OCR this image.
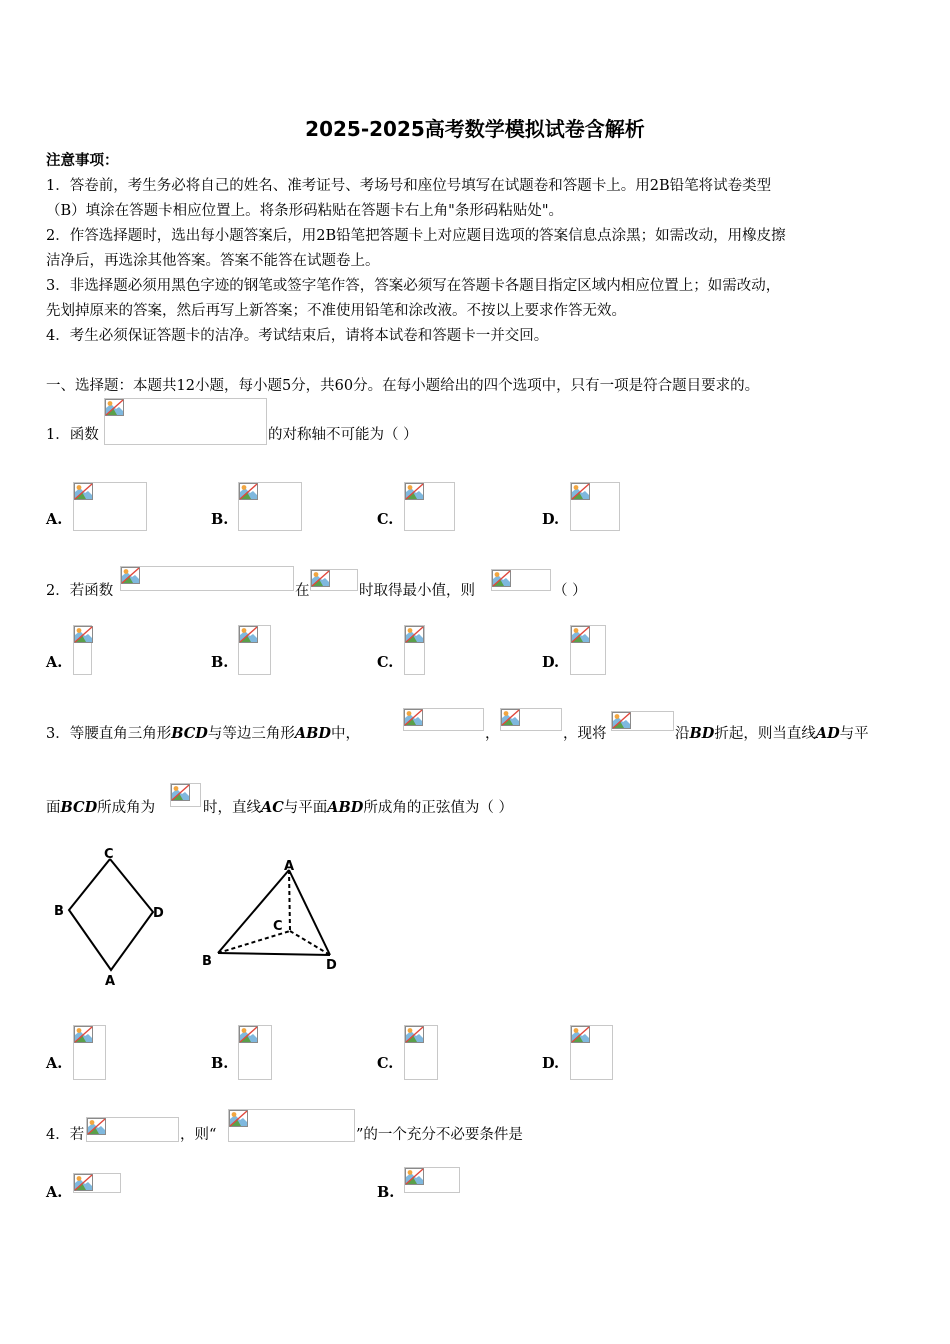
2025-2025高考数学模拟试卷含解析
注意事项：
1．答卷前，考生务必将自己的姓名、准考证号、考场号和座位号填写在试题卷和答题卡上。用2B铅笔将试卷类型
（B）填涂在答题卡相应位置上。将条形码粘贴在答题卡右上角"条形码粘贴处"。
2．作答选择题时，选出每小题答案后，用2B铅笔把答题卡上对应题目选项的答案信息点涂黑；如需改动，用橡皮擦
洁净后，再选涂其他答案。答案不能答在试题卷上。
3．非选择题必须用黑色字迹的钢笔或签字笔作答，答案必须写在答题卡各题目指定区域内相应位置上；如需改动，
先划掉原来的答案，然后再写上新答案；不准使用铅笔和涂改液。不按以上要求作答无效。
4．考生必须保证答题卡的洁净。考试结束后，请将本试卷和答题卡一并交回。
一、选择题：本题共12小题，每小题5分，共60分。在每小题给出的四个选项中，只有一项是符合题目要求的。
1．函数	的对称轴不可能为（ ）
A.	B.	C.	D.
2．若函数	在	时取得最小值，则	（ ）
A.	B.	C.	D.
3．等腰直角三角形BCD与等边三角形ABD中，	，	，现将	沿BD折起，则当直线AD与平
面BCD所成角为	时，直线AC与平面ABD所成角的正弦值为（ ）
C
B	D
A
A
C
B	D
A.	B.	C.	D.
4．若	，则“	”的一个充分不必要条件是
A.	B.
